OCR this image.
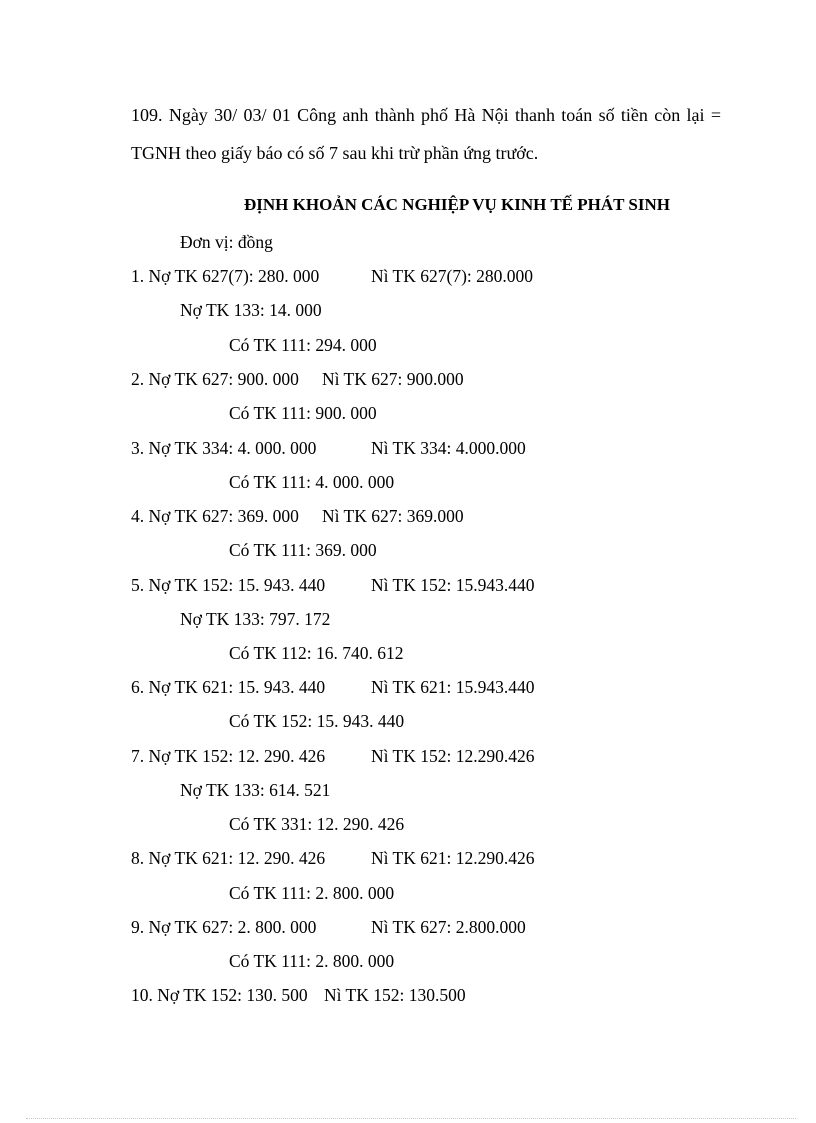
109. Ngày 30/ 03/ 01 Công anh thành phố Hà Nội thanh toán số tiền còn lại = TGNH theo giấy báo có số 7 sau khi trừ phần ứng trước.

ĐỊNH KHOẢN CÁC NGHIỆP VỤ KINH TẾ PHÁT SINH
Đơn vị: đồng
1. Nợ TK 627(7): 280. 000	Nì TK 627(7): 280.000
Nợ TK 133: 14. 000
Có TK 111: 294. 000
2. Nợ TK 627: 900. 000 Nì TK 627: 900.000
Có TK 111: 900. 000
3. Nợ TK 334: 4. 000. 000	Nì TK 334: 4.000.000
Có TK 111: 4. 000. 000
4. Nợ TK 627: 369. 000 Nì TK 627: 369.000
Có TK 111: 369. 000
5. Nợ TK 152: 15. 943. 440	Nì TK 152: 15.943.440
Nợ TK 133: 797. 172
Có TK 112: 16. 740. 612
6. Nợ TK 621: 15. 943. 440	Nì TK 621: 15.943.440
Có TK 152: 15. 943. 440
7. Nợ TK 152: 12. 290. 426	Nì TK 152: 12.290.426
Nợ TK 133: 614. 521
Có TK 331: 12. 290. 426
8. Nợ TK 621: 12. 290. 426	Nì TK 621: 12.290.426
Có TK 111: 2. 800. 000
9. Nợ TK 627: 2. 800. 000	Nì TK 627: 2.800.000
Có TK 111: 2. 800. 000
10. Nợ TK 152: 130. 500 Nì TK 152: 130.500
